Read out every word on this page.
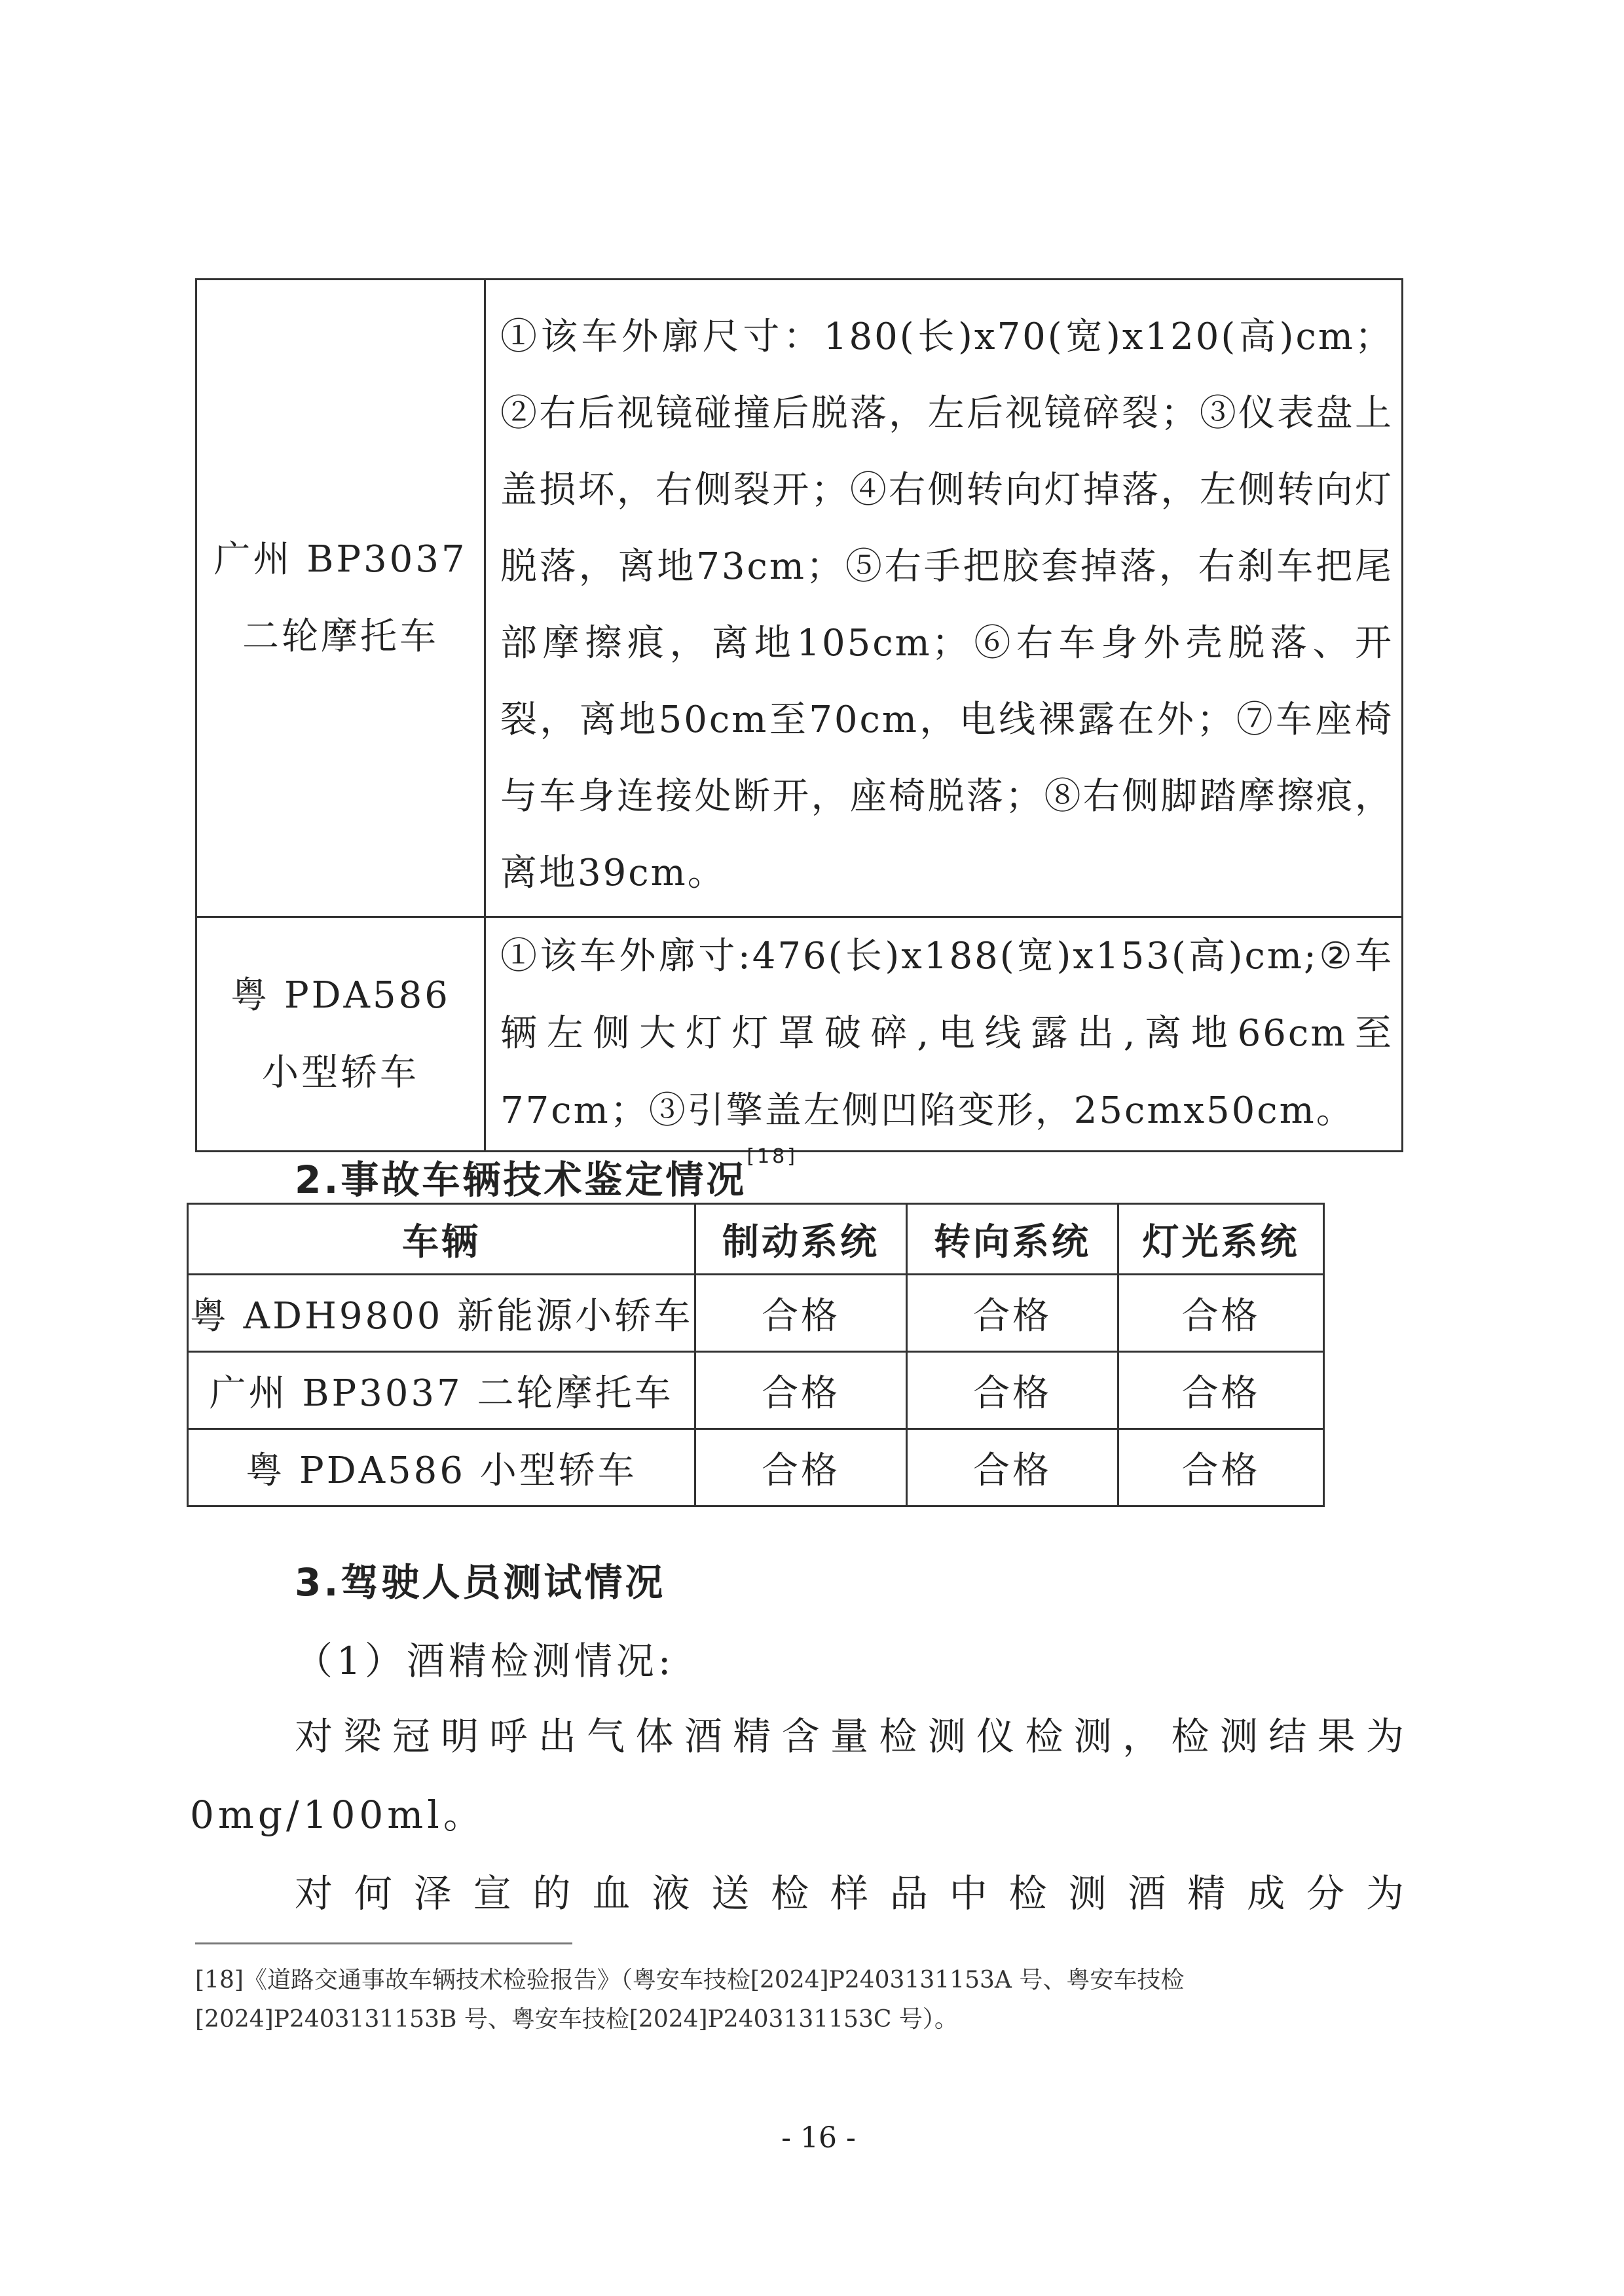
广州 BP3037
二轮摩托车	①该车外廓尺寸：180(长)x70(宽)x120(高)cm；②右后视镜碰撞后脱落，左后视镜碎裂；③仪表盘上盖损坏，右侧裂开；④右侧转向灯掉落，左侧转向灯脱落，离地73cm；⑤右手把胶套掉落，右刹车把尾部摩擦痕，离地105cm；⑥右车身外壳脱落、开裂，离地50cm至70cm，电线裸露在外；⑦车座椅与车身连接处断开，座椅脱落；⑧右侧脚踏摩擦痕，离地39cm。

粤 PDA586
小型轿车	①该车外廓寸:476(长)x188(宽)x153(高)cm;②车辆左侧大灯灯罩破碎,电线露出,离地66cm至77cm；③引擎盖左侧凹陷变形，25cmx50cm。
2.事故车辆技术鉴定情况[18]
车辆	制动系统	转向系统	灯光系统
粤 ADH9800 新能源小轿车	合格	合格	合格
广州 BP3037 二轮摩托车	合格	合格	合格
粤 PDA586 小型轿车	合格	合格	合格
3.驾驶人员测试情况
（1）酒精检测情况:
对梁冠明呼出气体酒精含量检测仪检测，检测结果为
0mg/100ml。
对何泽宣的血液送检样品中检测酒精成分为
[18]《道路交通事故车辆技术检验报告》（粤安车技检[2024]P2403131153A 号、粤安车技检[2024]P2403131153B 号、粤安车技检[2024]P2403131153C 号）。
- 16 -
